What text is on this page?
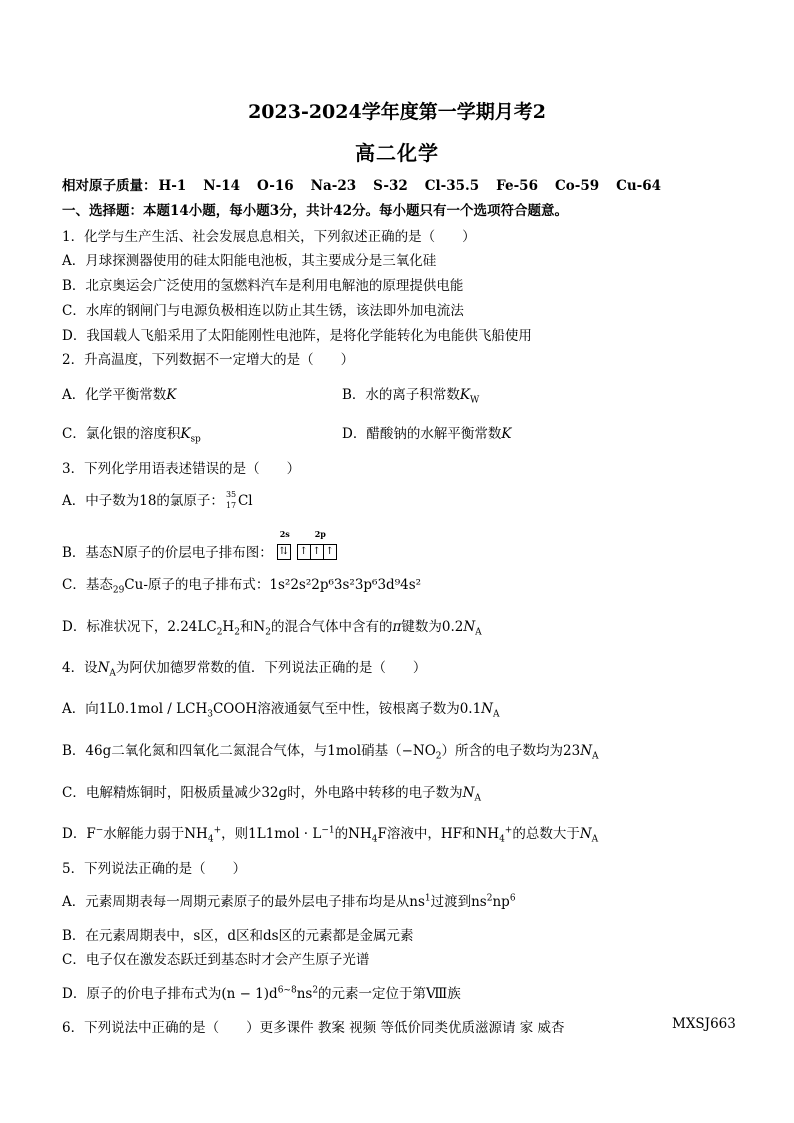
2023-2024学年度第一学期月考2
高二化学
相对原子质量： H-1 N-14 O-16 Na-23 S-32 Cl-35.5 Fe-56 Co-59 Cu-64
一、选择题：本题14小题，每小题3分，共计42分。每小题只有一个选项符合题意。
1．化学与生产生活、社会发展息息相关，下列叙述正确的是（　　）
A．月球探测器使用的硅太阳能电池板，其主要成分是三氧化硅
B．北京奥运会广泛使用的氢燃料汽车是利用电解池的原理提供电能
C．水库的钢闸门与电源负极相连以防止其生锈，该法即外加电流法
D．我国载人飞船采用了太阳能刚性电池阵，是将化学能转化为电能供飞船使用
2．升高温度，下列数据不一定增大的是（　　）
A．化学平衡常数K	B．水的离子积常数$K_W$
C．氯化银的溶度积$K_{sp}$	D．醋酸钠的水解平衡常数K
3．下列化学用语表述错误的是（　　）
A．中子数为18的氯原子： 35
17 Cl
B．基态N原子的价层电子排布图：
2s	2p
⇅ ↑ ↑ ↑
C．基态$_{29}$Cu-原子的电子排布式：1s²2s²2p⁶3s²3p⁶3d⁹4s²
D．标准状况下，$2.24LC_2H_2$和$N_2$的混合气体中含有的π键数为$0.2N_A$
4．设$N_A$为阿伏加德罗常数的值．下列说法正确的是（　　）
A．向$1L0.1mol / LCH_3COOH$溶液通氨气至中性，铵根离子数为$0.1N_A$
B．46g二氧化氮和四氧化二氮混合气体，与1mol硝基$(-NO_2)$所含的电子数均为$23N_A$
C．电解精炼铜时，阳极质量减少32g时，外电路中转移的电子数为$N_A$
D．F−水解能力弱于$NH_4^+$，则$1L1mol \cdot L^{-1}$的$NH_4F$溶液中，HF和$NH_4^+$的总数大于$N_A$
5．下列说法正确的是（　　）
A．元素周期表每一周期元素原子的最外层电子排布均是从$ns^1$过渡到$ns^2np^6$
B．在元素周期表中，s区，d区和ds区的元素都是金属元素
C．电子仅在激发态跃迁到基态时才会产生原子光谱
D．原子的价电子排布式为$(n - 1)d^{6\sim 8}ns^2$的元素一定位于第Ⅷ族
6．下列说法中正确的是（　　）更多课件 教案 视频 等低价同类优质滋源请 家 威杏	MXSJ663
